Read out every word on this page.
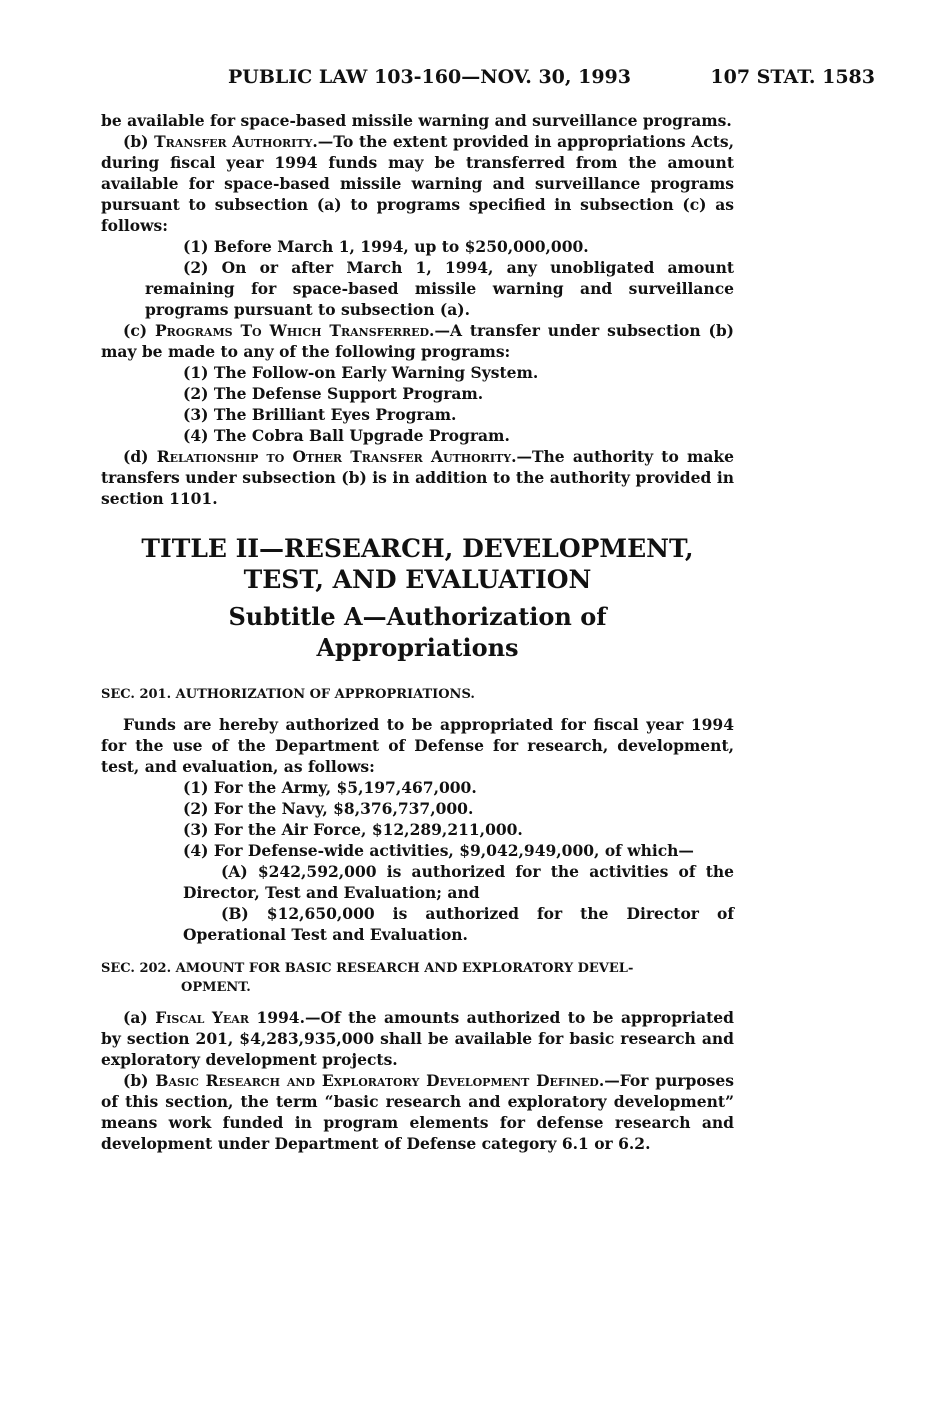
PUBLIC LAW 103-160—NOV. 30, 1993	107 STAT. 1583

be available for space-based missile warning and surveillance programs.

(b) Transfer Authority.—To the extent provided in appropriations Acts, during fiscal year 1994 funds may be transferred from the amount available for space-based missile warning and surveillance programs pursuant to subsection (a) to programs specified in subsection (c) as follows:

(1) Before March 1, 1994, up to $250,000,000.

(2) On or after March 1, 1994, any unobligated amount remaining for space-based missile warning and surveillance programs pursuant to subsection (a).

(c) Programs To Which Transferred.—A transfer under subsection (b) may be made to any of the following programs:

(1) The Follow-on Early Warning System.

(2) The Defense Support Program.

(3) The Brilliant Eyes Program.

(4) The Cobra Ball Upgrade Program.

(d) Relationship to Other Transfer Authority.—The authority to make transfers under subsection (b) is in addition to the authority provided in section 1101.

TITLE II—RESEARCH, DEVELOPMENT,
TEST, AND EVALUATION
Subtitle A—Authorization of
Appropriations
SEC. 201. AUTHORIZATION OF APPROPRIATIONS.

Funds are hereby authorized to be appropriated for fiscal year 1994 for the use of the Department of Defense for research, development, test, and evaluation, as follows:

(1) For the Army, $5,197,467,000.

(2) For the Navy, $8,376,737,000.

(3) For the Air Force, $12,289,211,000.

(4) For Defense-wide activities, $9,042,949,000, of which—

(A) $242,592,000 is authorized for the activities of the Director, Test and Evaluation; and

(B) $12,650,000 is authorized for the Director of Operational Test and Evaluation.

SEC. 202. AMOUNT FOR BASIC RESEARCH AND EXPLORATORY DEVEL-
OPMENT.

(a) Fiscal Year 1994.—Of the amounts authorized to be appropriated by section 201, $4,283,935,000 shall be available for basic research and exploratory development projects.

(b) Basic Research and Exploratory Development Defined.—For purposes of this section, the term “basic research and exploratory development” means work funded in program elements for defense research and development under Department of Defense category 6.1 or 6.2.
